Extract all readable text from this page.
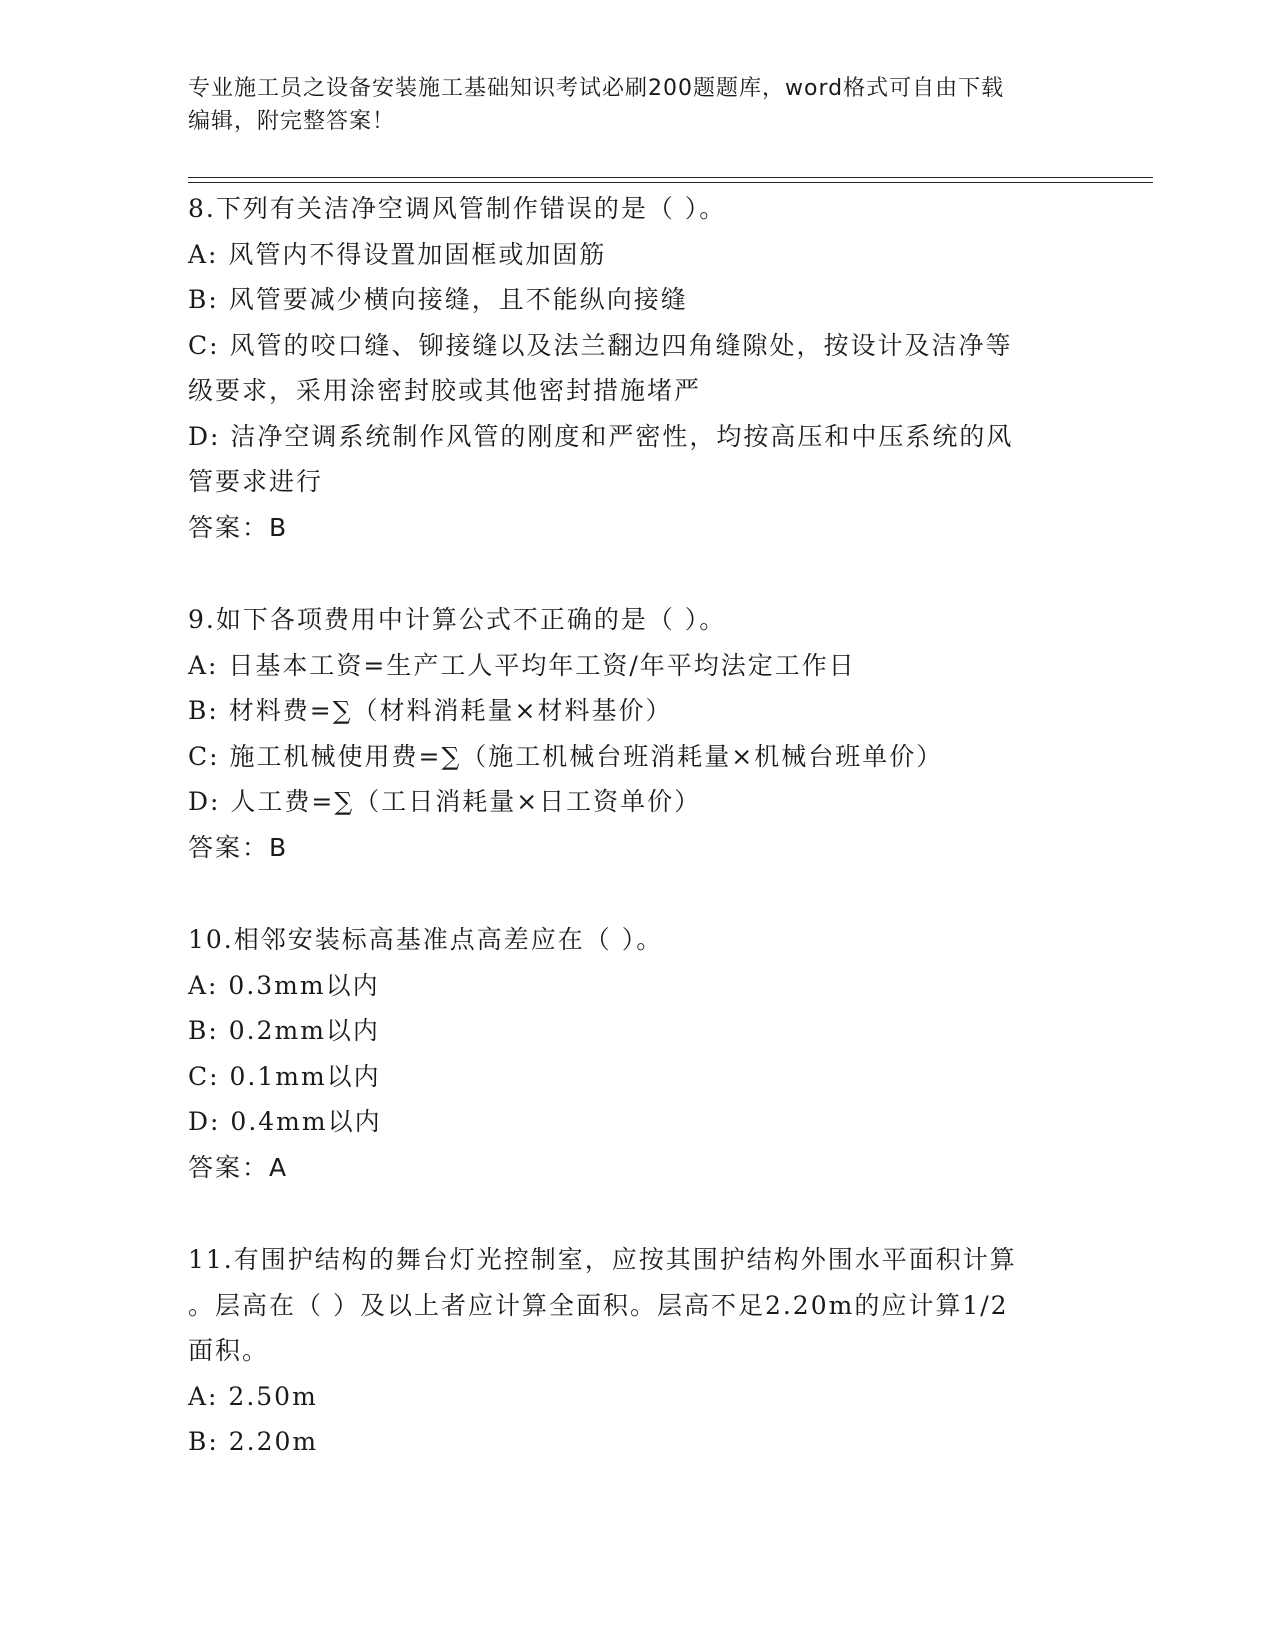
专业施工员之设备安装施工基础知识考试必刷200题题库，word格式可自由下载
编辑，附完整答案！
8.下列有关洁净空调风管制作错误的是（ ）。
A: 风管内不得设置加固框或加固筋
B: 风管要减少横向接缝，且不能纵向接缝
C: 风管的咬口缝、铆接缝以及法兰翻边四角缝隙处，按设计及洁净等
级要求，采用涂密封胶或其他密封措施堵严
D: 洁净空调系统制作风管的刚度和严密性，均按高压和中压系统的风
管要求进行
答案：B
9.如下各项费用中计算公式不正确的是（ ）。
A: 日基本工资=生产工人平均年工资/年平均法定工作日
B: 材料费=∑（材料消耗量×材料基价）
C: 施工机械使用费=∑（施工机械台班消耗量×机械台班单价）
D: 人工费=∑（工日消耗量×日工资单价）
答案：B
10.相邻安装标高基准点高差应在（ ）。
A: 0.3mm以内
B: 0.2mm以内
C: 0.1mm以内
D: 0.4mm以内
答案：A
11.有围护结构的舞台灯光控制室，应按其围护结构外围水平面积计算
。层高在（ ）及以上者应计算全面积。层高不足2.20m的应计算1/2
面积。
A: 2.50m
B: 2.20m
